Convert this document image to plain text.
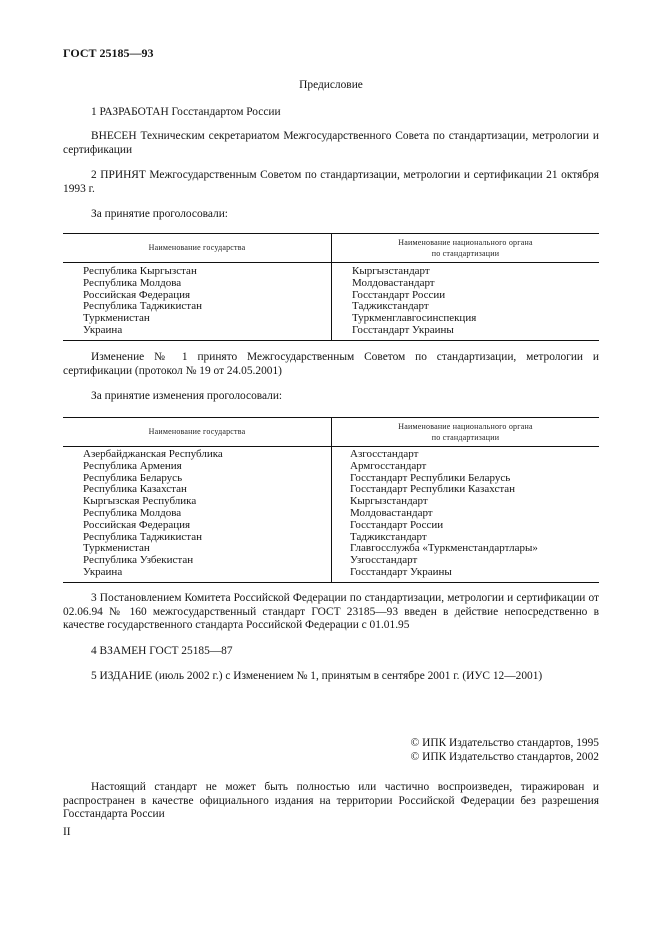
ГОСТ 25185—93
Предисловие
1 РАЗРАБОТАН Госстандартом России
ВНЕСЕН Техническим секретариатом Межгосударственного Совета по стандартизации, метрологии и сертификации
2 ПРИНЯТ Межгосударственным Советом по стандартизации, метрологии и сертификации 21 октября 1993 г.
За принятие проголосовали:
Наименование государства
Наименование национального органа
по стандартизации
Республика Кыргызстан
Республика Молдова
Российская Федерация
Республика Таджикистан
Туркменистан
Украина
Кыргызстандарт
Молдовастандарт
Госстандарт России
Таджикстандарт
Туркменглавгосинспекция
Госстандарт Украины
Изменение № 1 принято Межгосударственным Советом по стандартизации, метрологии и сертификации (протокол № 19 от 24.05.2001)
За принятие изменения проголосовали:
Наименование государства
Наименование национального органа
по стандартизации
Азербайджанская Республика
Республика Армения
Республика Беларусь
Республика Казахстан
Кыргызская Республика
Республика Молдова
Российская Федерация
Республика Таджикистан
Туркменистан
Республика Узбекистан
Украина
Азгосстандарт
Армгосстандарт
Госстандарт Республики Беларусь
Госстандарт Республики Казахстан
Кыргызстандарт
Молдовастандарт
Госстандарт России
Таджикстандарт
Главгосслужба «Туркменстандартлары»
Узгосстандарт
Госстандарт Украины
3 Постановлением Комитета Российской Федерации по стандартизации, метрологии и сертификации от 02.06.94 № 160 межгосударственный стандарт ГОСТ 23185—93 введен в действие непосредственно в качестве государственного стандарта Российской Федерации с 01.01.95
4 ВЗАМЕН ГОСТ 25185—87
5 ИЗДАНИЕ (июль 2002 г.) с Изменением № 1, принятым в сентябре 2001 г. (ИУС 12—2001)
© ИПК Издательство стандартов, 1995
© ИПК Издательство стандартов, 2002
Настоящий стандарт не может быть полностью или частично воспроизведен, тиражирован и распространен в качестве официального издания на территории Российской Федерации без разрешения Госстандарта России
II
